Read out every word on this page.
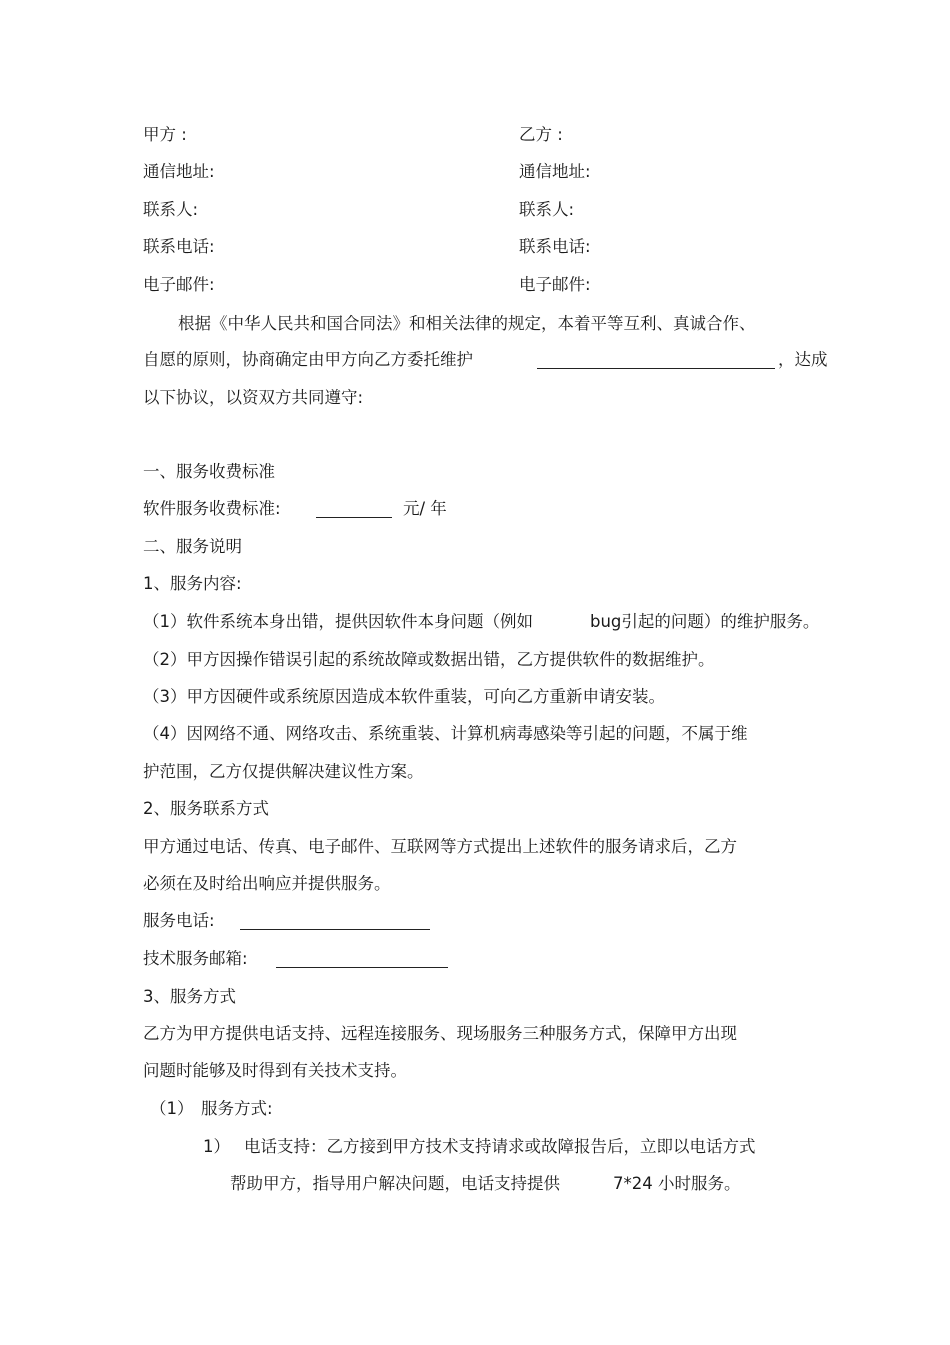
甲方 :	乙方 :
通信地址:	通信地址:
联系人:	联系人:
联系电话:	联系电话:
电子邮件:	电子邮件:
根据《中华人民共和国合同法》和相关法律的规定，本着平等互利、真诚合作、
自愿的原则，协商确定由甲方向乙方委托维护	，达成
以下协议，以资双方共同遵守:
一、服务收费标准
软件服务收费标准:	元/ 年
二、服务说明
1、服务内容:
（1）软件系统本身出错，提供因软件本身问题（例如	bug引起的问题）的维护服务。
（2）甲方因操作错误引起的系统故障或数据出错，乙方提供软件的数据维护。
（3）甲方因硬件或系统原因造成本软件重装，可向乙方重新申请安装。
（4）因网络不通、网络攻击、系统重装、计算机病毒感染等引起的问题，不属于维
护范围，乙方仅提供解决建议性方案。
2、服务联系方式
甲方通过电话、传真、电子邮件、互联网等方式提出上述软件的服务请求后，乙方
必须在及时给出响应并提供服务。
服务电话:
技术服务邮箱:
3、服务方式
乙方为甲方提供电话支持、远程连接服务、现场服务三种服务方式，保障甲方出现
问题时能够及时得到有关技术支持。
（1） 服务方式:
1） 电话支持：乙方接到甲方技术支持请求或故障报告后，立即以电话方式
帮助甲方，指导用户解决问题，电话支持提供	7*24 小时服务。
